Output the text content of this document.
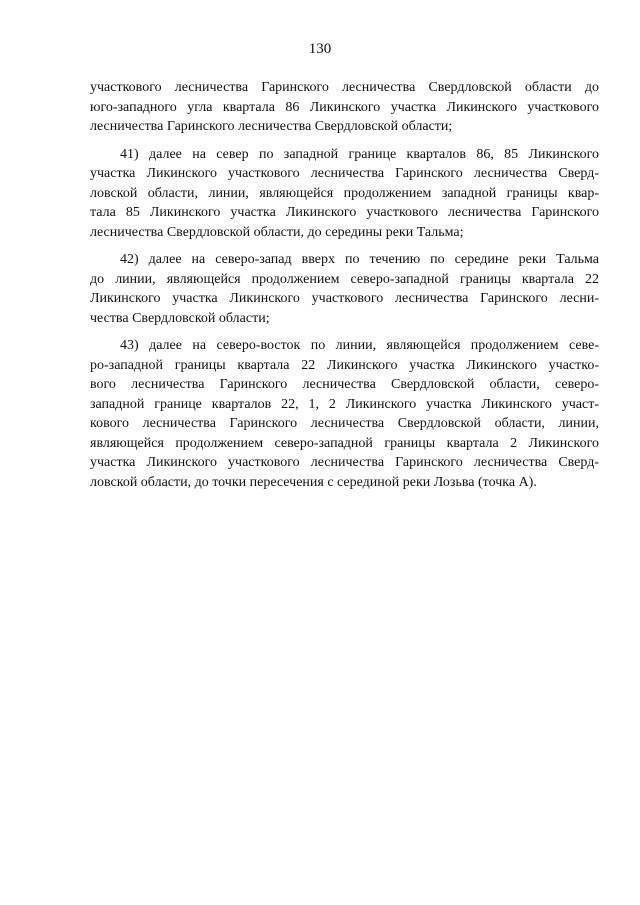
130
участкового лесничества Гаринского лесничества Свердловской области до
юго-западного угла квартала 86 Ликинского участка Ликинского участкового
лесничества Гаринского лесничества Свердловской области;
41) далее на север по западной границе кварталов 86, 85 Ликинского
участка Ликинского участкового лесничества Гаринского лесничества Сверд-
ловской области, линии, являющейся продолжением западной границы квар-
тала 85 Ликинского участка Ликинского участкового лесничества Гаринского
лесничества Свердловской области, до середины реки Тальма;
42) далее на северо-запад вверх по течению по середине реки Тальма
до линии, являющейся продолжением северо-западной границы квартала 22
Ликинского участка Ликинского участкового лесничества Гаринского лесни-
чества Свердловской области;
43) далее на северо-восток по линии, являющейся продолжением севе-
ро-западной границы квартала 22 Ликинского участка Ликинского участко-
вого лесничества Гаринского лесничества Свердловской области, северо-
западной границе кварталов 22, 1, 2 Ликинского участка Ликинского участ-
кового лесничества Гаринского лесничества Свердловской области, линии,
являющейся продолжением северо-западной границы квартала 2 Ликинского
участка Ликинского участкового лесничества Гаринского лесничества Сверд-
ловской области, до точки пересечения с серединой реки Лозьва (точка А).
